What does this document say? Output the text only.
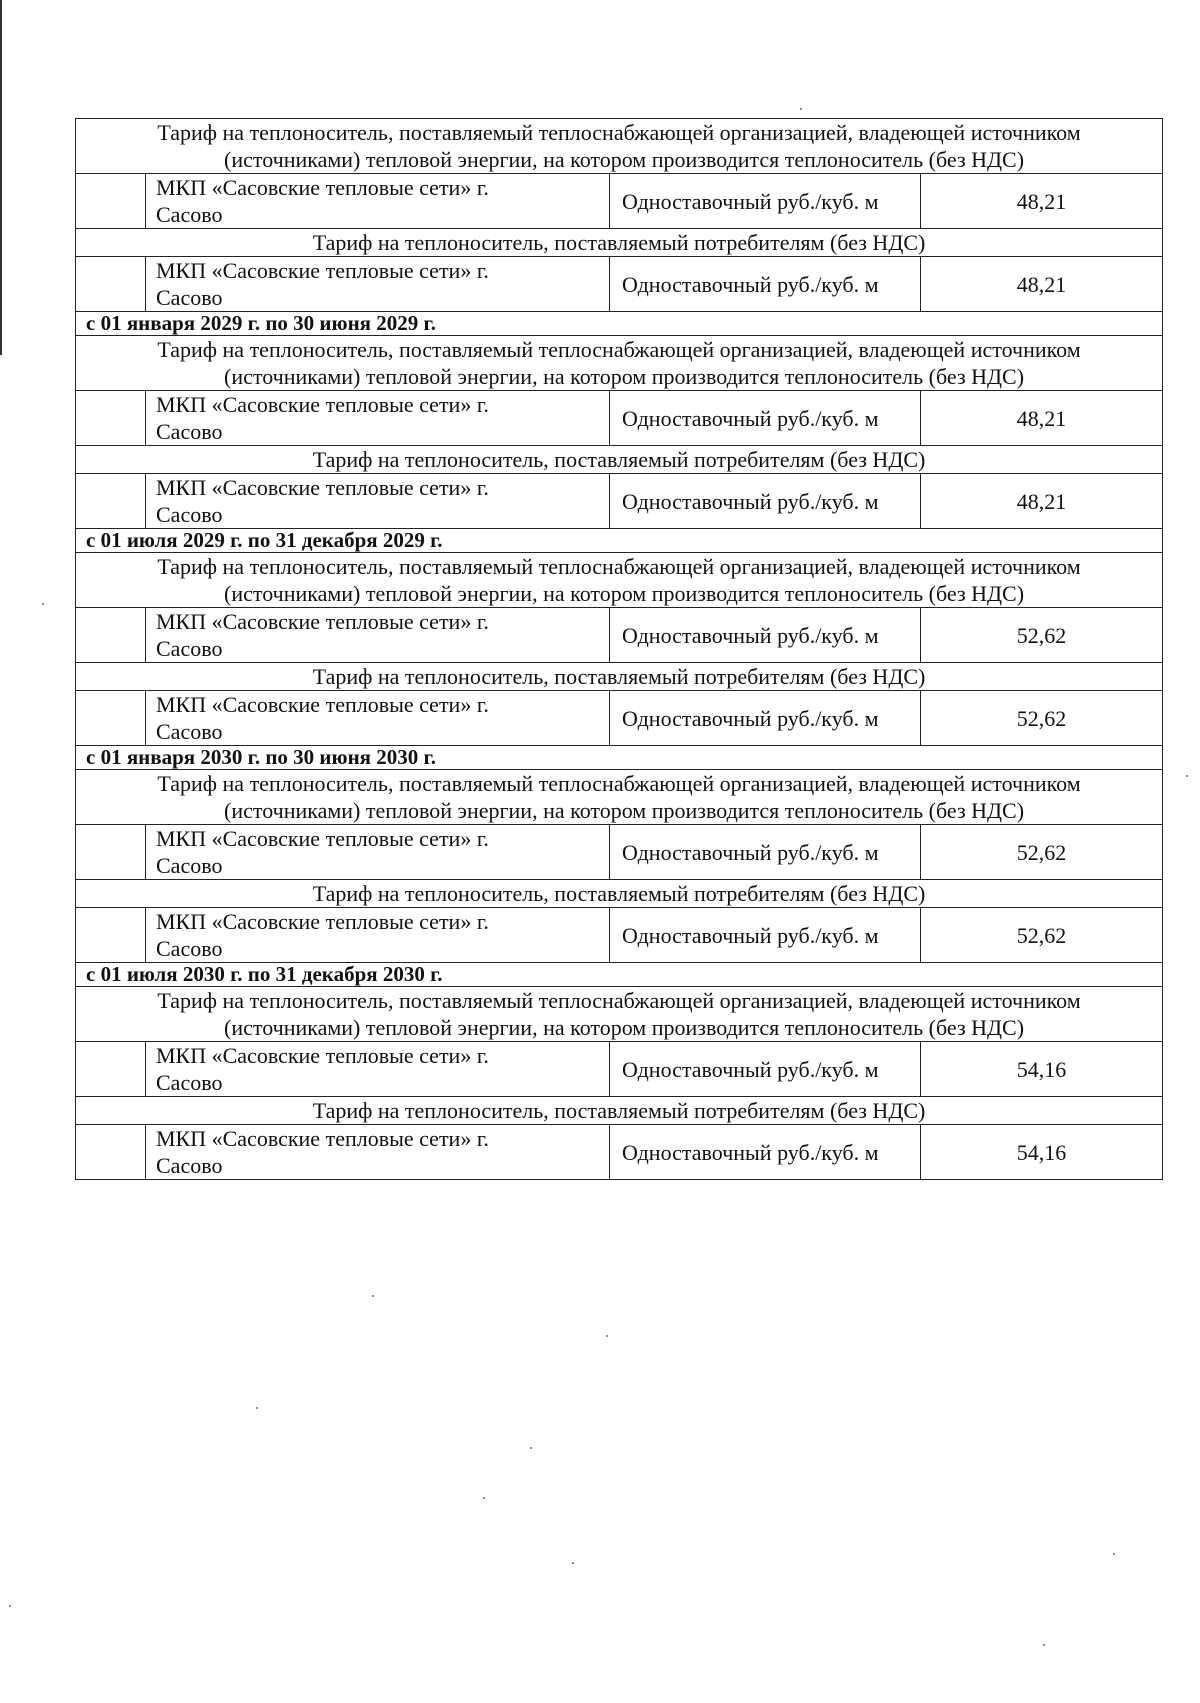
Тариф на теплоноситель, поставляемый теплоснабжающей организацией, владеющей источником
(источниками) тепловой энергии, на котором производится теплоноситель (без НДС)			

	МКП «Сасовские тепловые сети» г.
Сасово	Одноставочный руб./куб. м	48,21

Тариф на теплоноситель, поставляемый потребителям (без НДС)			

	МКП «Сасовские тепловые сети» г.
Сасово	Одноставочный руб./куб. м	48,21
с 01 января 2029 г. по 30 июня 2029 г.			

Тариф на теплоноситель, поставляемый теплоснабжающей организацией, владеющей источником
(источниками) тепловой энергии, на котором производится теплоноситель (без НДС)			

	МКП «Сасовские тепловые сети» г.
Сасово	Одноставочный руб./куб. м	48,21

Тариф на теплоноситель, поставляемый потребителям (без НДС)			

	МКП «Сасовские тепловые сети» г.
Сасово	Одноставочный руб./куб. м	48,21
с 01 июля 2029 г. по 31 декабря 2029 г.			

Тариф на теплоноситель, поставляемый теплоснабжающей организацией, владеющей источником
(источниками) тепловой энергии, на котором производится теплоноситель (без НДС)			

	МКП «Сасовские тепловые сети» г.
Сасово	Одноставочный руб./куб. м	52,62

Тариф на теплоноситель, поставляемый потребителям (без НДС)			

	МКП «Сасовские тепловые сети» г.
Сасово	Одноставочный руб./куб. м	52,62
с 01 января 2030 г. по 30 июня 2030 г.			

Тариф на теплоноситель, поставляемый теплоснабжающей организацией, владеющей источником
(источниками) тепловой энергии, на котором производится теплоноситель (без НДС)			

	МКП «Сасовские тепловые сети» г.
Сасово	Одноставочный руб./куб. м	52,62

Тариф на теплоноситель, поставляемый потребителям (без НДС)			

	МКП «Сасовские тепловые сети» г.
Сасово	Одноставочный руб./куб. м	52,62
с 01 июля 2030 г. по 31 декабря 2030 г.			

Тариф на теплоноситель, поставляемый теплоснабжающей организацией, владеющей источником
(источниками) тепловой энергии, на котором производится теплоноситель (без НДС)			

	МКП «Сасовские тепловые сети» г.
Сасово	Одноставочный руб./куб. м	54,16

Тариф на теплоноситель, поставляемый потребителям (без НДС)			

	МКП «Сасовские тепловые сети» г.
Сасово	Одноставочный руб./куб. м	54,16
